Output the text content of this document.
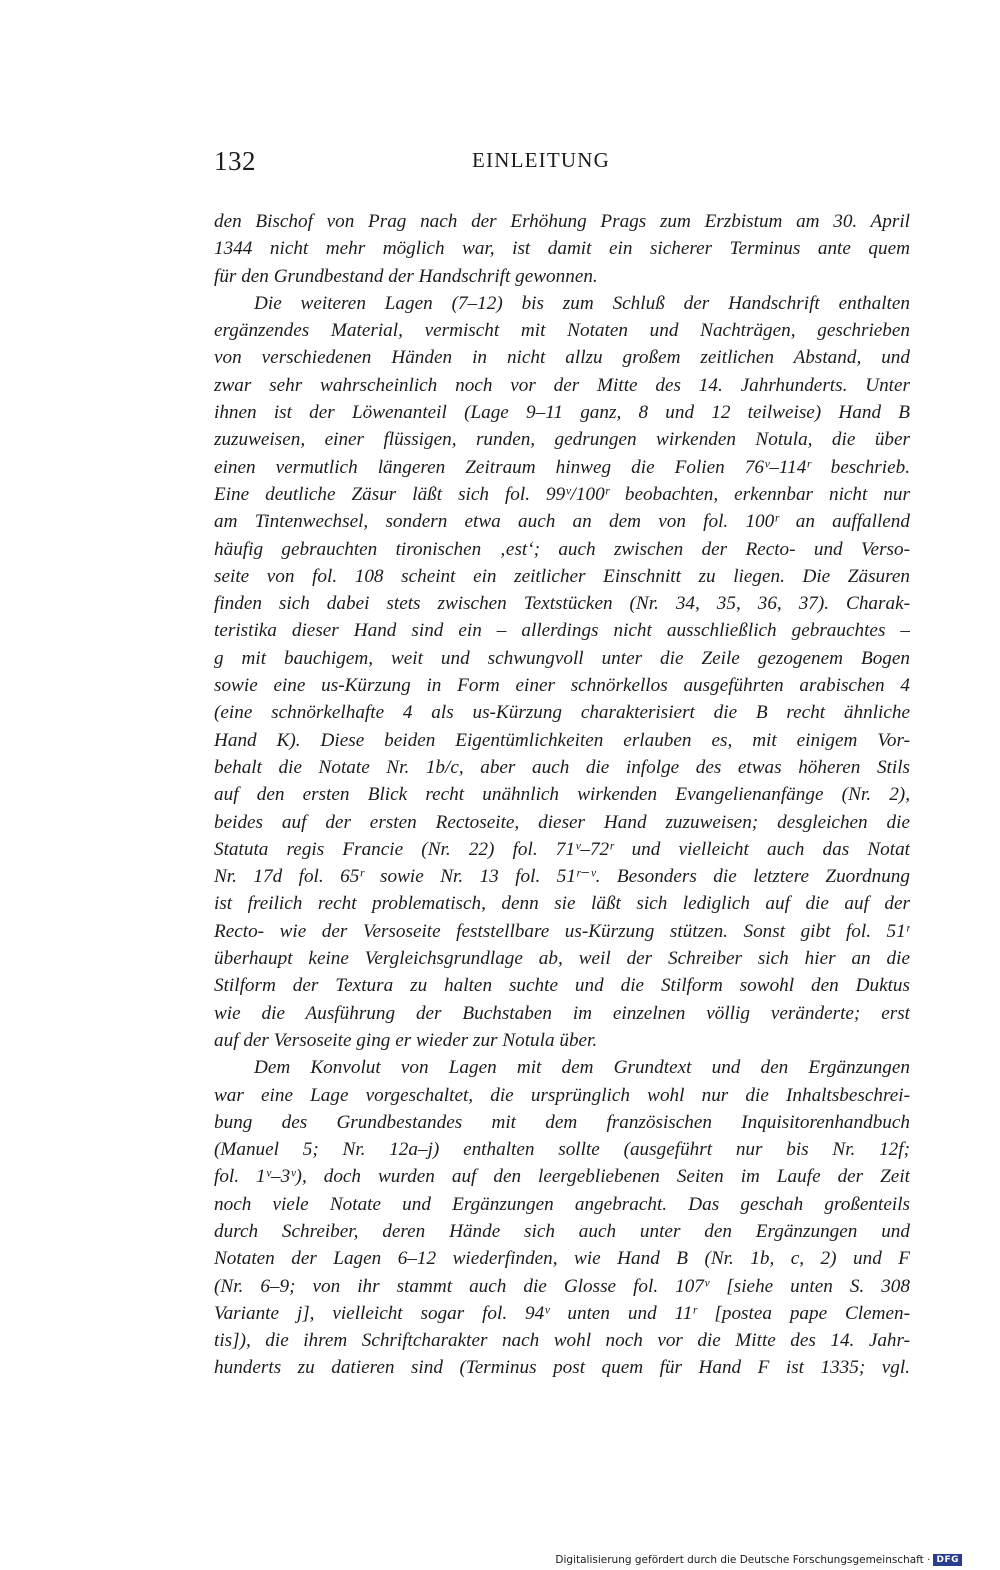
132	EINLEITUNG
den Bischof von Prag nach der Erhöhung Prags zum Erzbistum am 30. April
1344 nicht mehr möglich war, ist damit ein sicherer Terminus ante quem
für den Grundbestand der Handschrift gewonnen.
Die weiteren Lagen (7–12) bis zum Schluß der Handschrift enthalten
ergänzendes Material, vermischt mit Notaten und Nachträgen, geschrieben
von verschiedenen Händen in nicht allzu großem zeitlichen Abstand, und
zwar sehr wahrscheinlich noch vor der Mitte des 14. Jahrhunderts. Unter
ihnen ist der Löwenanteil (Lage 9–11 ganz, 8 und 12 teilweise) Hand B
zuzuweisen, einer flüssigen, runden, gedrungen wirkenden Notula, die über
einen vermutlich längeren Zeitraum hinweg die Folien 76ᵛ–114ʳ beschrieb.
Eine deutliche Zäsur läßt sich fol. 99ᵛ/100ʳ beobachten, erkennbar nicht nur
am Tintenwechsel, sondern etwa auch an dem von fol. 100ʳ an auffallend
häufig gebrauchten tironischen ‚est‘; auch zwischen der Recto- und Verso-
seite von fol. 108 scheint ein zeitlicher Einschnitt zu liegen. Die Zäsuren
finden sich dabei stets zwischen Textstücken (Nr. 34, 35, 36, 37). Charak-
teristika dieser Hand sind ein – allerdings nicht ausschließlich gebrauchtes –
g mit bauchigem, weit und schwungvoll unter die Zeile gezogenem Bogen
sowie eine us-Kürzung in Form einer schnörkellos ausgeführten arabischen 4
(eine schnörkelhafte 4 als us-Kürzung charakterisiert die B recht ähnliche
Hand K). Diese beiden Eigentümlichkeiten erlauben es, mit einigem Vor-
behalt die Notate Nr. 1b/c, aber auch die infolge des etwas höheren Stils
auf den ersten Blick recht unähnlich wirkenden Evangelienanfänge (Nr. 2),
beides auf der ersten Rectoseite, dieser Hand zuzuweisen; desgleichen die
Statuta regis Francie (Nr. 22) fol. 71ᵛ–72ʳ und vielleicht auch das Notat
Nr. 17d fol. 65ʳ sowie Nr. 13 fol. 51ʳ⁻ᵛ. Besonders die letztere Zuordnung
ist freilich recht problematisch, denn sie läßt sich lediglich auf die auf der
Recto- wie der Versoseite feststellbare us-Kürzung stützen. Sonst gibt fol. 51ʳ
überhaupt keine Vergleichsgrundlage ab, weil der Schreiber sich hier an die
Stilform der Textura zu halten suchte und die Stilform sowohl den Duktus
wie die Ausführung der Buchstaben im einzelnen völlig veränderte; erst
auf der Versoseite ging er wieder zur Notula über.
Dem Konvolut von Lagen mit dem Grundtext und den Ergänzungen
war eine Lage vorgeschaltet, die ursprünglich wohl nur die Inhaltsbeschrei-
bung des Grundbestandes mit dem französischen Inquisitorenhandbuch
(Manuel 5; Nr. 12a–j) enthalten sollte (ausgeführt nur bis Nr. 12f;
fol. 1ᵛ–3ᵛ), doch wurden auf den leergebliebenen Seiten im Laufe der Zeit
noch viele Notate und Ergänzungen angebracht. Das geschah großenteils
durch Schreiber, deren Hände sich auch unter den Ergänzungen und
Notaten der Lagen 6–12 wiederfinden, wie Hand B (Nr. 1b, c, 2) und F
(Nr. 6–9; von ihr stammt auch die Glosse fol. 107ᵛ [siehe unten S. 308
Variante j], vielleicht sogar fol. 94ᵛ unten und 11ʳ [postea pape Clemen-
tis]), die ihrem Schriftcharakter nach wohl noch vor die Mitte des 14. Jahr-
hunderts zu datieren sind (Terminus post quem für Hand F ist 1335; vgl.
Digitalisierung gefördert durch die Deutsche Forschungsgemeinschaft · DFG
